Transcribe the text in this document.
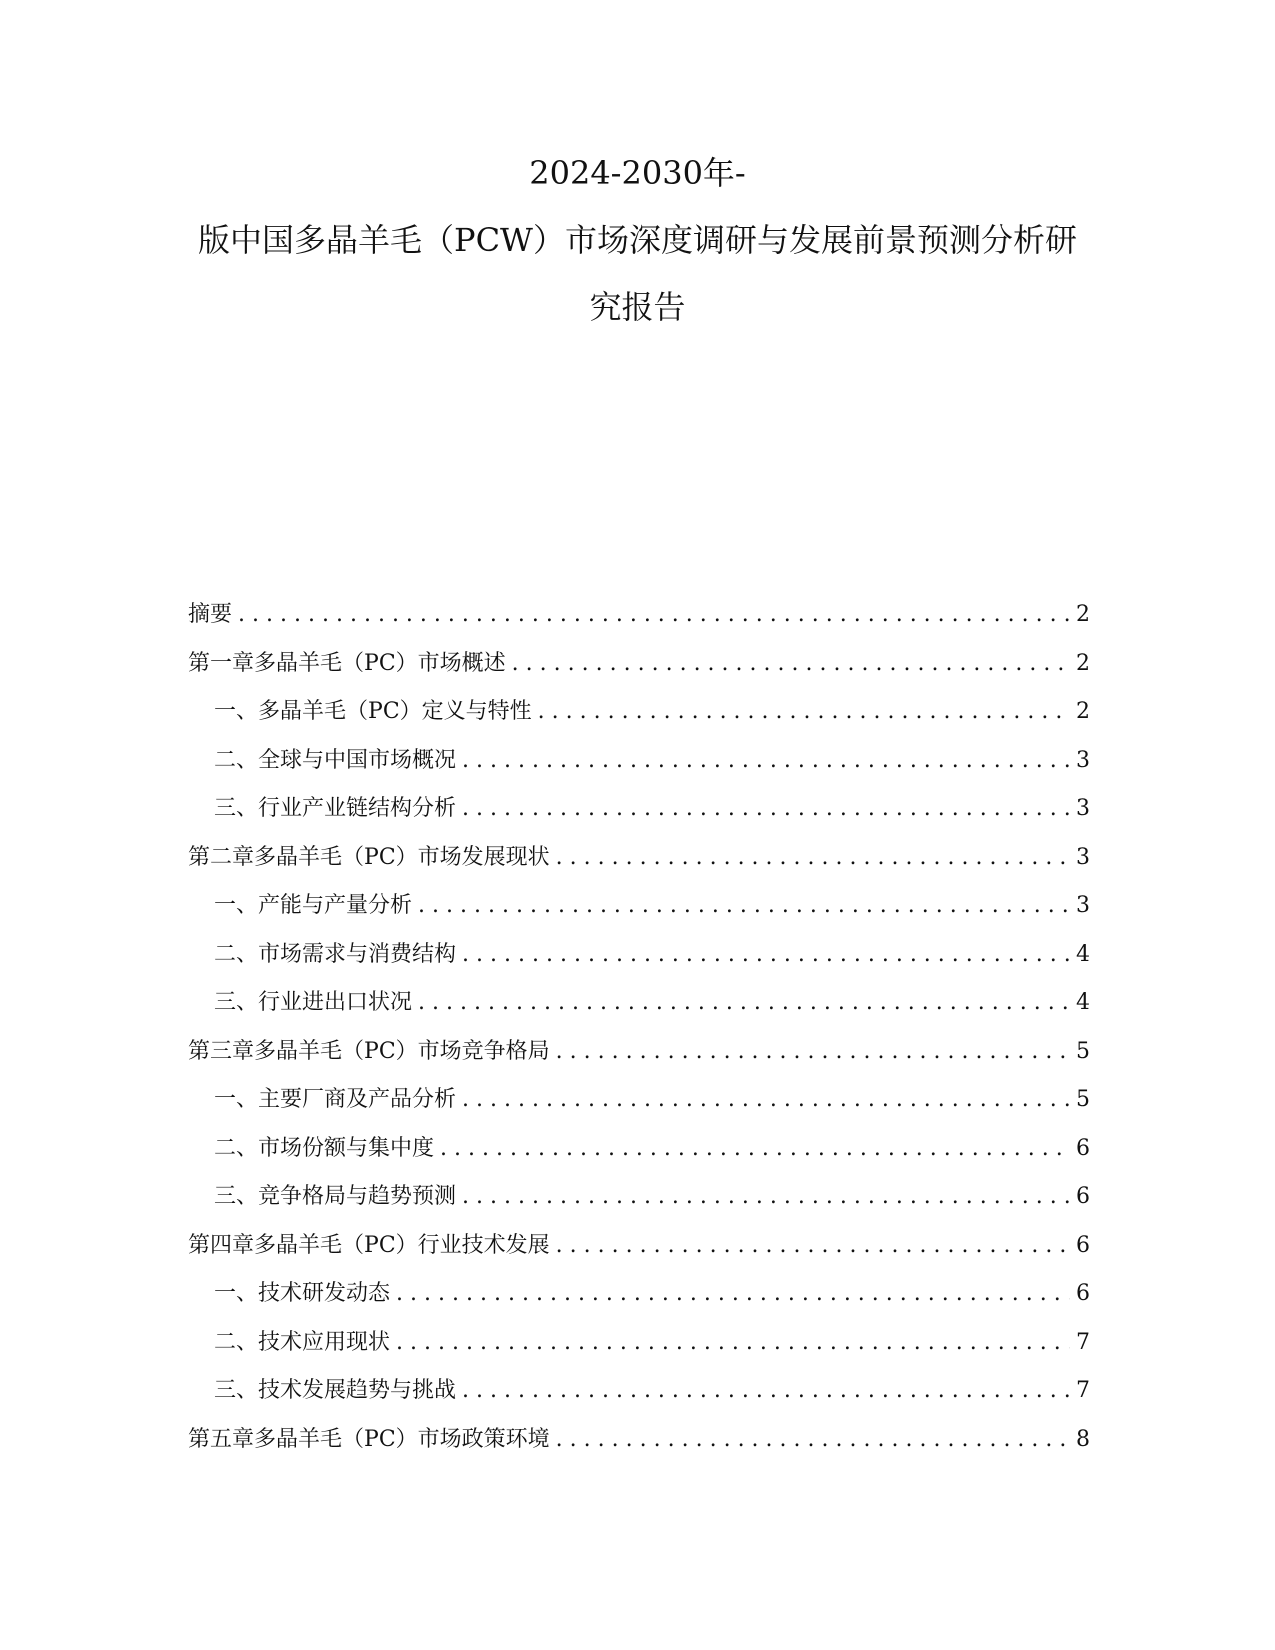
2024-2030年-
版中国多晶羊毛（PCW）市场深度调研与发展前景预测分析研
究报告
摘要 .....	2
第一章 多晶羊毛（PC）市场概述 .....	2
一、 多晶羊毛（PC）定义与特性 .....	2
二、 全球与中国市场概况 .....	3
三、 行业产业链结构分析 .....	3
第二章 多晶羊毛（PC）市场发展现状 .....	3
一、 产能与产量分析 .....	3
二、 市场需求与消费结构 .....	4
三、 行业进出口状况 .....	4
第三章 多晶羊毛（PC）市场竞争格局 .....	5
一、 主要厂商及产品分析 .....	5
二、 市场份额与集中度 .....	6
三、 竞争格局与趋势预测 .....	6
第四章 多晶羊毛（PC）行业技术发展 .....	6
一、 技术研发动态 .....	6
二、 技术应用现状 .....	7
三、 技术发展趋势与挑战 .....	7
第五章 多晶羊毛（PC）市场政策环境 .....	8
